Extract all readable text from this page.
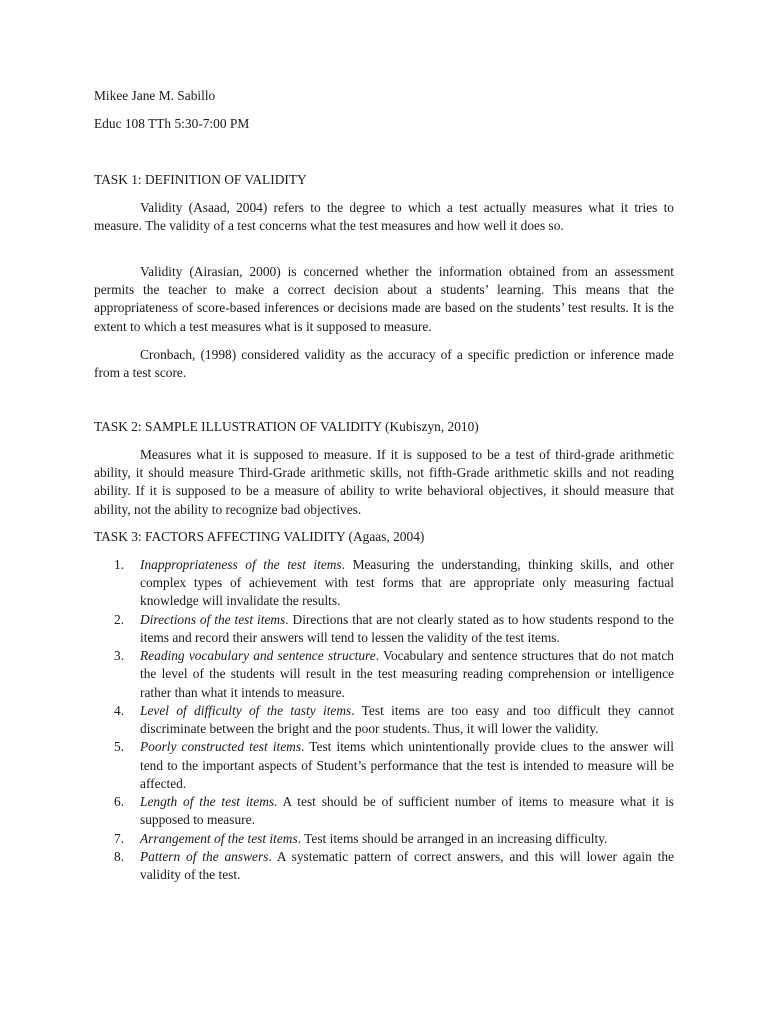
Mikee Jane M. Sabillo
Educ 108 TTh 5:30-7:00 PM
TASK 1: DEFINITION OF VALIDITY
Validity (Asaad, 2004) refers to the degree to which a test actually measures what it tries to measure. The validity of a test concerns what the test measures and how well it does so.
Validity (Airasian, 2000) is concerned whether the information obtained from an assessment permits the teacher to make a correct decision about a students’ learning. This means that the appropriateness of score-based inferences or decisions made are based on the students’ test results. It is the extent to which a test measures what is it supposed to measure.
Cronbach, (1998) considered validity as the accuracy of a specific prediction or inference made from a test score.
TASK 2: SAMPLE ILLUSTRATION OF VALIDITY (Kubiszyn, 2010)
Measures what it is supposed to measure. If it is supposed to be a test of third-grade arithmetic ability, it should measure Third-Grade arithmetic skills, not fifth-Grade arithmetic skills and not reading ability. If it is supposed to be a measure of ability to write behavioral objectives, it should measure that ability, not the ability to recognize bad objectives.
TASK 3: FACTORS AFFECTING VALIDITY (Agaas, 2004)
1. Inappropriateness of the test items. Measuring the understanding, thinking skills, and other complex types of achievement with test forms that are appropriate only measuring factual knowledge will invalidate the results.
2. Directions of the test items. Directions that are not clearly stated as to how students respond to the items and record their answers will tend to lessen the validity of the test items.
3. Reading vocabulary and sentence structure. Vocabulary and sentence structures that do not match the level of the students will result in the test measuring reading comprehension or intelligence rather than what it intends to measure.
4. Level of difficulty of the tasty items. Test items are too easy and too difficult they cannot discriminate between the bright and the poor students. Thus, it will lower the validity.
5. Poorly constructed test items. Test items which unintentionally provide clues to the answer will tend to the important aspects of Student’s performance that the test is intended to measure will be affected.
6. Length of the test items. A test should be of sufficient number of items to measure what it is supposed to measure.
7. Arrangement of the test items. Test items should be arranged in an increasing difficulty.
8. Pattern of the answers. A systematic pattern of correct answers, and this will lower again the validity of the test.
